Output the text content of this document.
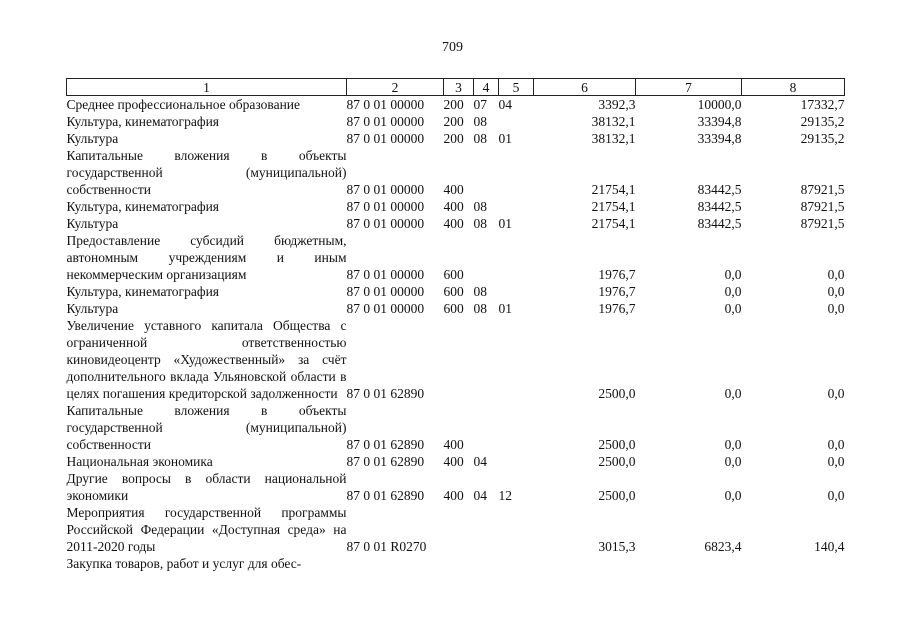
709
1	2	3	4	5	6	7	8

Среднее профессиональное образование	87 0 01 00000	200	07	04	3392,3	10000,0	17332,7

Культура, кинематография	87 0 01 00000	200	08		38132,1	33394,8	29135,2

Культура	87 0 01 00000	200	08	01	38132,1	33394,8	29135,2

Капитальные вложения в объекты государственной (муниципальной) собственности	87 0 01 00000	400			21754,1	83442,5	87921,5

Культура, кинематография	87 0 01 00000	400	08		21754,1	83442,5	87921,5

Культура	87 0 01 00000	400	08	01	21754,1	83442,5	87921,5

Предоставление субсидий бюджетным, автономным учреждениям и иным некоммерческим организациям	87 0 01 00000	600			1976,7	0,0	0,0

Культура, кинематография	87 0 01 00000	600	08		1976,7	0,0	0,0

Культура	87 0 01 00000	600	08	01	1976,7	0,0	0,0

Увеличение уставного капитала Общества с ограниченной ответственностью киновидеоцентр «Художественный» за счёт дополнительного вклада Ульяновской области в целях погашения кредиторской задолженности	87 0 01 62890				2500,0	0,0	0,0

Капитальные вложения в объекты государственной (муниципальной) собственности	87 0 01 62890	400			2500,0	0,0	0,0

Национальная экономика	87 0 01 62890	400	04		2500,0	0,0	0,0

Другие вопросы в области национальной экономики	87 0 01 62890	400	04	12	2500,0	0,0	0,0

Мероприятия государственной программы Российской Федерации «Доступная среда» на 2011-2020 годы	87 0 01 R0270				3015,3	6823,4	140,4

Закупка товаров, работ и услуг для обес-							
